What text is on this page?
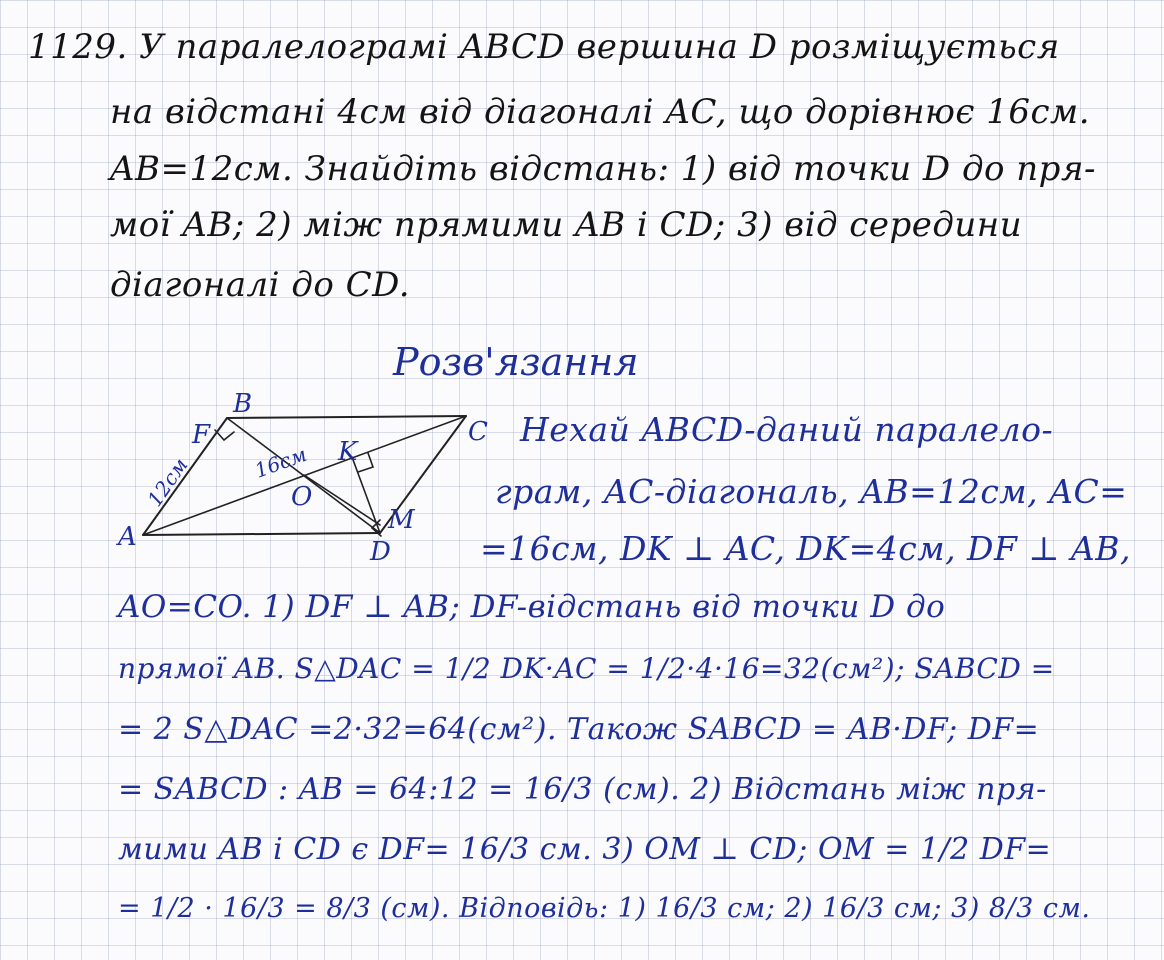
1129. У паралелограмі ABCD вершина D розміщується
на відстані 4см від діагоналі AC, що дорівнює 16см.
AB=12см. Знайдіть відстань: 1) від точки D до пря-
мої AB; 2) між прямими AB і CD; 3) від середини
діагоналі до CD.
Розв'язання
A
B
C
D
F
K
O
M
12см	16см
Нехай ABCD-даний паралело-
грам, AC-діагональ, AB=12см, AC=
=16см, DK ⊥ AC, DK=4см, DF ⊥ AB,
AO=CO. 1) DF ⊥ AB; DF-відстань від точки D до
прямої AB. S△DAC = 1/2 DK·AC = 1/2·4·16=32(см²); SABCD =
= 2 S△DAC =2·32=64(см²). Також SABCD = AB·DF; DF=
= SABCD : AB = 64:12 = 16/3 (см). 2) Відстань між пря-
мими AB і CD є DF= 16/3 см. 3) OM ⊥ CD; OM = 1/2 DF=
= 1/2 · 16/3 = 8/3 (см). Відповідь: 1) 16/3 см; 2) 16/3 см; 3) 8/3 см.
